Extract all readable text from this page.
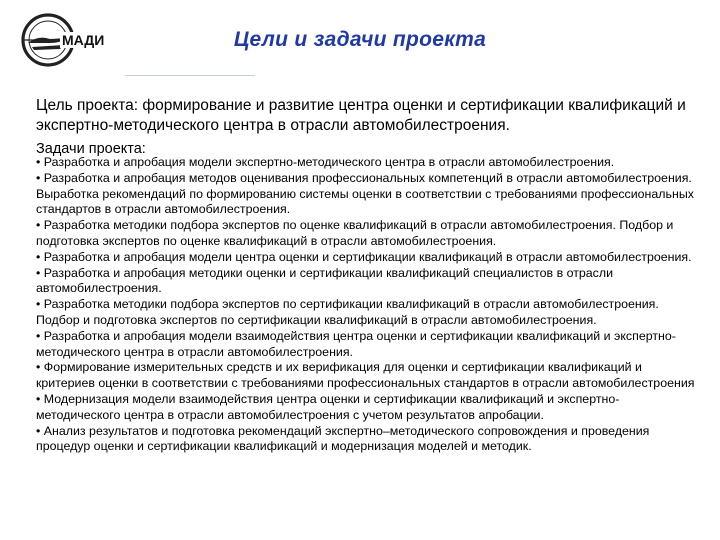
МАДИ	Цели и задачи проекта
Цель проекта: формирование и развитие центра оценки и сертификации квалификаций и экспертно-методического центра в отрасли автомобилестроения.
Задачи проекта:
• Разработка и апробация модели экспертно-методического центра в отрасли автомобилестроения.
• Разработка и апробация методов оценивания профессиональных компетенций в отрасли автомобилестроения. Выработка рекомендаций по формированию системы оценки в соответствии с требованиями профессиональных стандартов в отрасли автомобилестроения.
• Разработка методики подбора экспертов по оценке квалификаций в отрасли автомобилестроения. Подбор и подготовка экспертов по оценке квалификаций в отрасли автомобилестроения.
• Разработка и апробация модели центра оценки и сертификации квалификаций в отрасли автомобилестроения.
• Разработка и апробация методики оценки и сертификации квалификаций специалистов в отрасли автомобилестроения.
• Разработка методики подбора экспертов по сертификации квалификаций в отрасли автомобилестроения. Подбор и подготовка экспертов по сертификации квалификаций в отрасли автомобилестроения.
• Разработка и апробация модели взаимодействия центра оценки и сертификации квалификаций и экспертно-методического центра в отрасли автомобилестроения.
• Формирование измерительных средств и их верификация для оценки и сертификации квалификаций и критериев оценки в соответствии с требованиями профессиональных стандартов в отрасли автомобилестроения
• Модернизация модели взаимодействия центра оценки и сертификации квалификаций и экспертно-методического центра в отрасли автомобилестроения с учетом результатов апробации.
• Анализ результатов и подготовка рекомендаций экспертно–методического сопровождения и проведения процедур оценки и сертификации квалификаций и модернизация моделей и методик.
